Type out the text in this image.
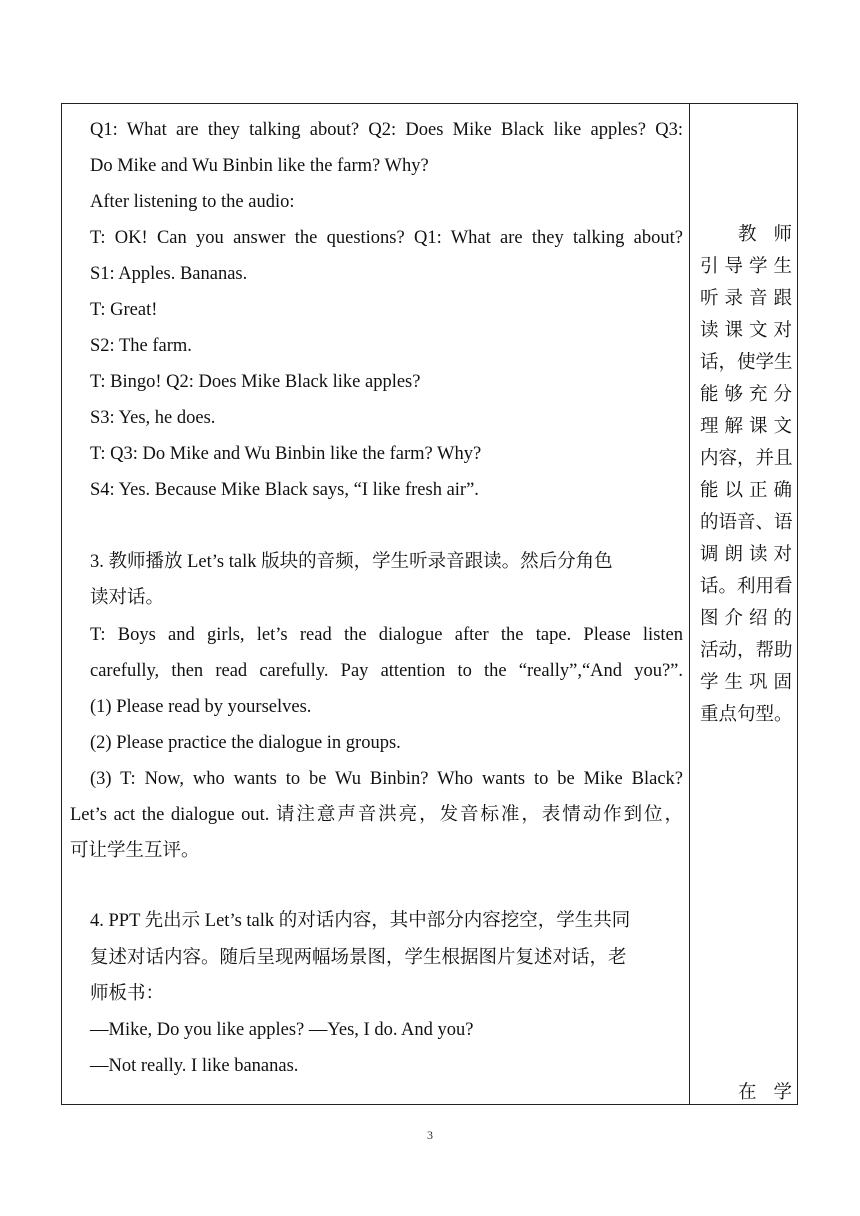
Q1: What are they talking about? Q2: Does Mike Black like apples? Q3:
Do Mike and Wu Binbin like the farm? Why?
After listening to the audio:
T: OK! Can you answer the questions? Q1: What are they talking about?
S1: Apples. Bananas.
T: Great!
S2: The farm.
T: Bingo! Q2: Does Mike Black like apples?
S3: Yes, he does.
T: Q3: Do Mike and Wu Binbin like the farm? Why?
S4: Yes. Because Mike Black says, “I like fresh air”.
3. 教师播放 Let’s talk 版块的音频，学生听录音跟读。然后分角色
读对话。
T: Boys and girls, let’s read the dialogue after the tape. Please listen
carefully, then read carefully. Pay attention to the “really”,“And you?”.
(1) Please read by yourselves.
(2) Please practice the dialogue in groups.
(3) T: Now, who wants to be Wu Binbin? Who wants to be Mike Black?
Let’s act the dialogue out. 请注意声音洪亮，发音标准，表情动作到位，
可让学生互评。
4. PPT 先出示 Let’s talk 的对话内容，其中部分内容挖空，学生共同
复述对话内容。随后呈现两幅场景图，学生根据图片复述对话，老
师板书：
—Mike, Do you like apples? —Yes, I do. And you?
—Not really. I like bananas.
教师
引导学生
听录音跟
读课文对
话，使学生
能够充分
理解课文
内容，并且
能以正确
的语音、语
调朗读对
话。利用看
图介绍的
活动，帮助
学生巩固
重点句型。
在学
3
